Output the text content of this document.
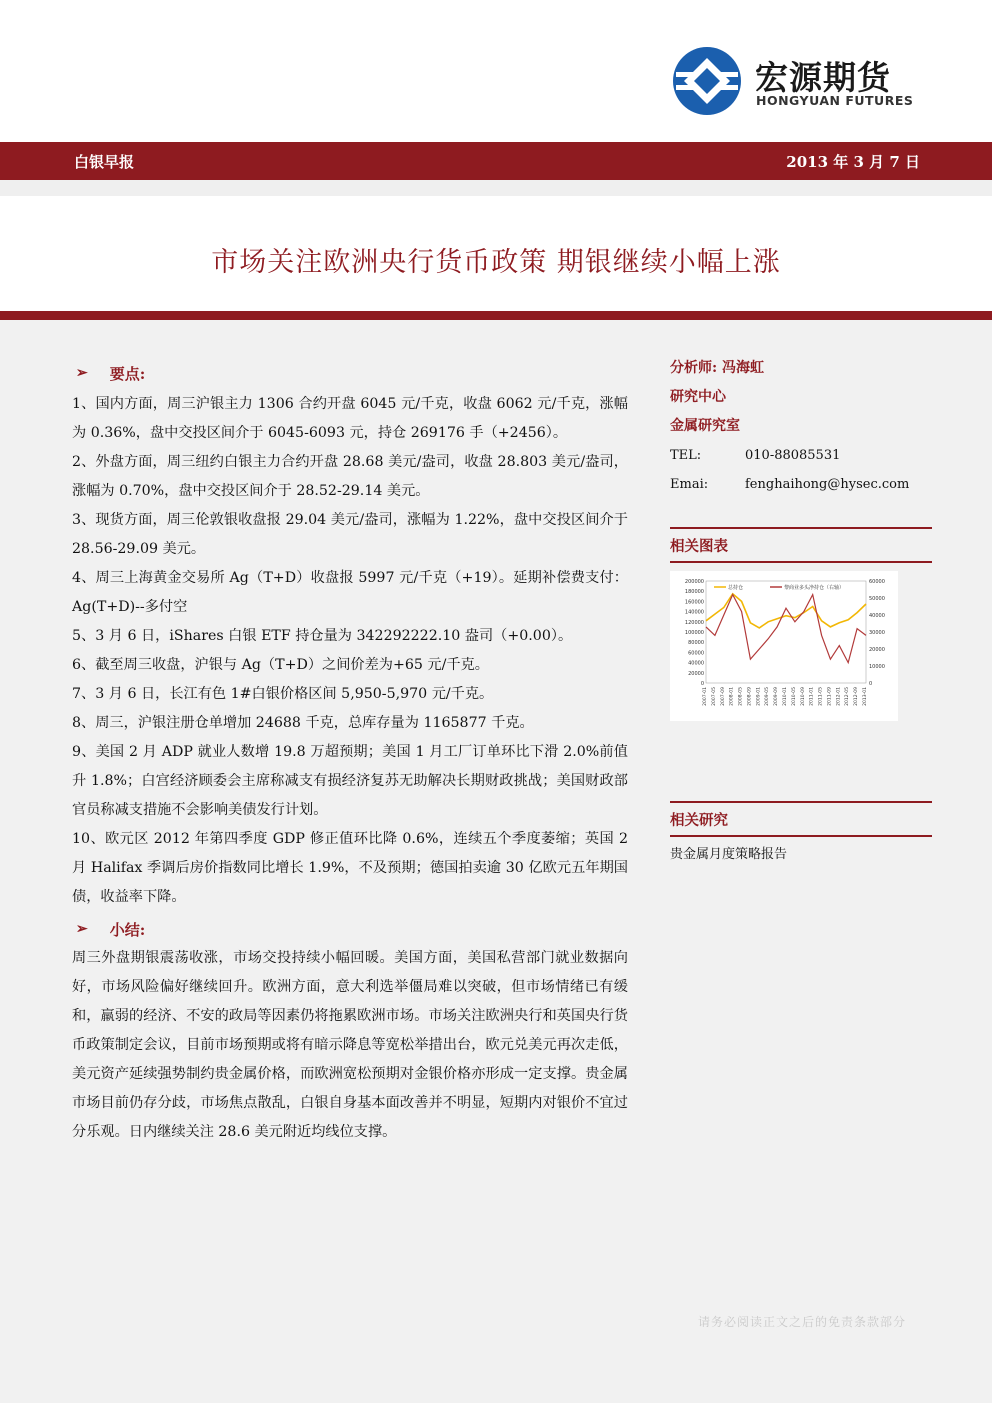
宏源期货
HONGYUAN FUTURES
白银早报	2013 年 3 月 7 日
市场关注欧洲央行货币政策 期银继续小幅上涨
➢ 要点:

1、国内方面，周三沪银主力 1306 合约开盘 6045 元/千克，收盘 6062 元/千克，涨幅为 0.36%，盘中交投区间介于 6045-6093 元，持仓 269176 手（+2456）。

2、外盘方面，周三纽约白银主力合约开盘 28.68 美元/盎司，收盘 28.803 美元/盎司，涨幅为 0.70%，盘中交投区间介于 28.52-29.14 美元。

3、现货方面，周三伦敦银收盘报 29.04 美元/盎司，涨幅为 1.22%，盘中交投区间介于 28.56-29.09 美元。

4、周三上海黄金交易所 Ag（T+D）收盘报 5997 元/千克（+19）。延期补偿费支付：Ag(T+D)--多付空

5、3 月 6 日，iShares 白银 ETF 持仓量为 342292222.10 盎司（+0.00）。

6、截至周三收盘，沪银与 Ag（T+D）之间价差为+65 元/千克。

7、3 月 6 日，长江有色 1#白银价格区间 5,950-5,970 元/千克。

8、周三，沪银注册仓单增加 24688 千克，总库存量为 1165877 千克。

9、美国 2 月 ADP 就业人数增 19.8 万超预期；美国 1 月工厂订单环比下滑 2.0%前值升 1.8%；白宫经济顾委会主席称减支有损经济复苏无助解决长期财政挑战；美国财政部官员称减支措施不会影响美债发行计划。

10、欧元区 2012 年第四季度 GDP 修正值环比降 0.6%，连续五个季度萎缩；英国 2 月 Halifax 季调后房价指数同比增长 1.9%，不及预期；德国拍卖逾 30 亿欧元五年期国债，收益率下降。

➢ 小结:

周三外盘期银震荡收涨，市场交投持续小幅回暖。美国方面，美国私营部门就业数据向好，市场风险偏好继续回升。欧洲方面，意大利选举僵局难以突破，但市场情绪已有缓和，羸弱的经济、不安的政局等因素仍将拖累欧洲市场。市场关注欧洲央行和英国央行货币政策制定会议，目前市场预期或将有暗示降息等宽松举措出台，欧元兑美元再次走低，美元资产延续强势制约贵金属价格，而欧洲宽松预期对金银价格亦形成一定支撑。贵金属市场目前仍存分歧，市场焦点散乱，白银自身基本面改善并不明显，短期内对银价不宜过分乐观。日内继续关注 28.6 美元附近均线位支撑。

分析师: 冯海虹
研究中心
金属研究室
TEL:	010-88085531
Emai:	fenghaihong@hysec.com
相关图表
200000
180000
160000
140000
120000
100000
80000
60000
40000
20000
0
60000
50000
40000
30000
20000
10000
0
2007-01 2007-05 2007-09 2008-01 2008-05 2008-09 2009-01 2009-05 2009-09 2010-01 2010-05 2010-09 2011-01 2011-05 2011-09 2012-01 2012-05 2012-09 2013-01
总持仓	黎商业多头净持仓（右轴）
相关研究
贵金属月度策略报告
请务必阅读正文之后的免责条款部分
